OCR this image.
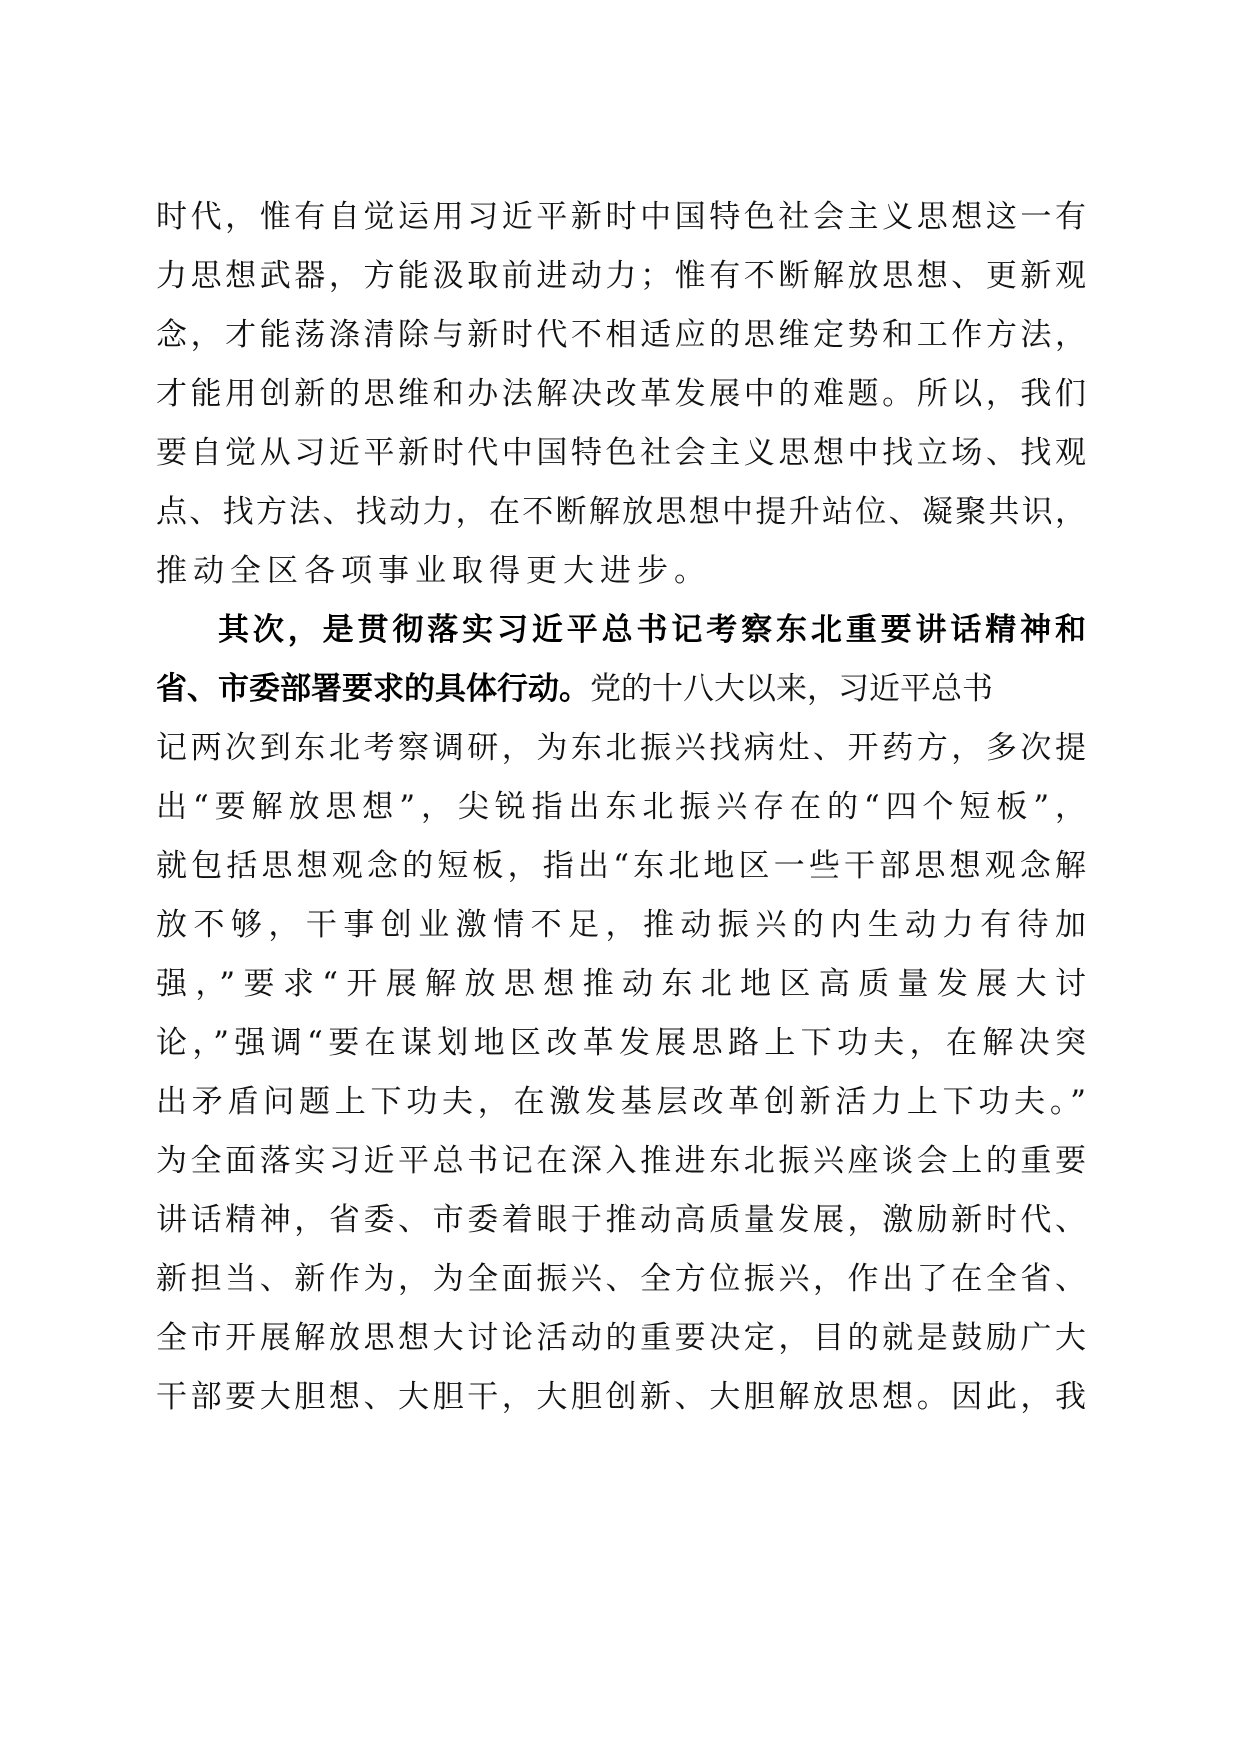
时代，惟有自觉运用习近平新时中国特色社会主义思想这一有
力思想武器，方能汲取前进动力；惟有不断解放思想、更新观
念，才能荡涤清除与新时代不相适应的思维定势和工作方法，
才能用创新的思维和办法解决改革发展中的难题。所以，我们
要自觉从习近平新时代中国特色社会主义思想中找立场、找观
点、找方法、找动力，在不断解放思想中提升站位、凝聚共识，
推动全区各项事业取得更大进步。
其次，是贯彻落实习近平总书记考察东北重要讲话精神和
省、市委部署要求的具体行动。党的十八大以来，习近平总书
记两次到东北考察调研，为东北振兴找病灶、开药方，多次提
出“要解放思想”，尖锐指出东北振兴存在的“四个短板”，
就包括思想观念的短板，指出“东北地区一些干部思想观念解
放不够，干事创业激情不足，推动振兴的内生动力有待加
强，”要求“开展解放思想推动东北地区高质量发展大讨
论，”强调“要在谋划地区改革发展思路上下功夫，在解决突
出矛盾问题上下功夫，在激发基层改革创新活力上下功夫。”
为全面落实习近平总书记在深入推进东北振兴座谈会上的重要
讲话精神，省委、市委着眼于推动高质量发展，激励新时代、
新担当、新作为，为全面振兴、全方位振兴，作出了在全省、
全市开展解放思想大讨论活动的重要决定，目的就是鼓励广大
干部要大胆想、大胆干，大胆创新、大胆解放思想。因此，我
